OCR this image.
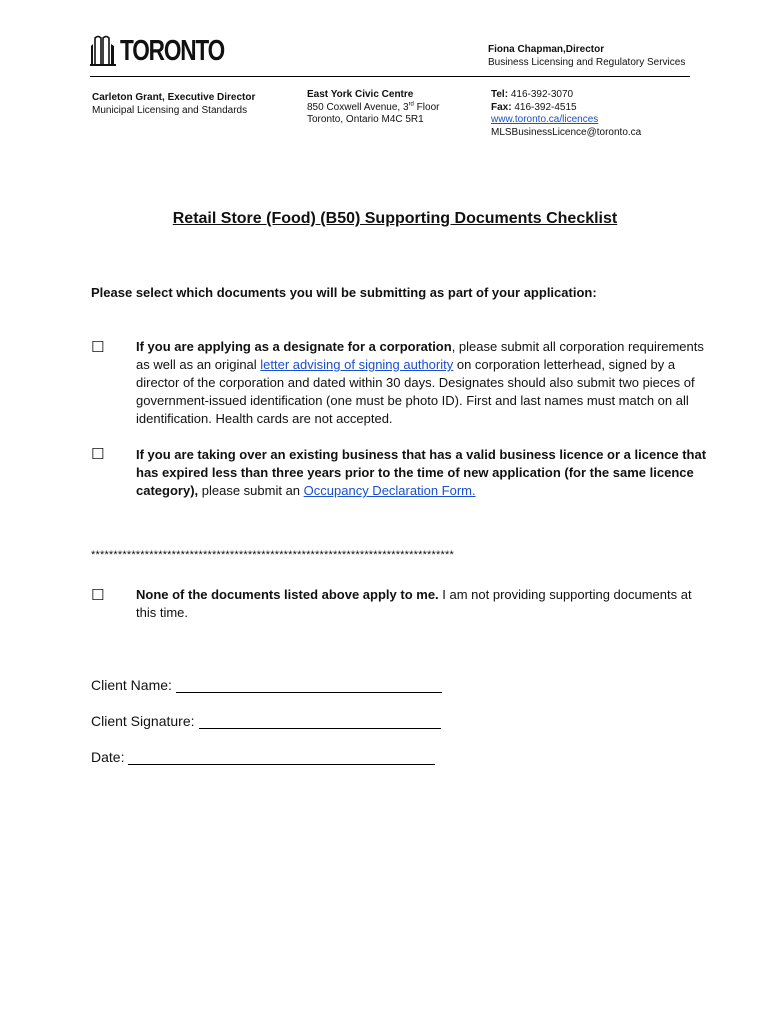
TORONTO	Fiona Chapman,Director
Business Licensing and Regulatory Services
Carleton Grant, Executive Director
Municipal Licensing and Standards
East York Civic Centre
850 Coxwell Avenue, 3rd Floor
Toronto, Ontario M4C 5R1
Tel: 416-392-3070
Fax: 416-392-4515
www.toronto.ca/licences
MLSBusinessLicence@toronto.ca
Retail Store (Food) (B50) Supporting Documents Checklist
Please select which documents you will be submitting as part of your application:
☐ If you are applying as a designate for a corporation, please submit all corporation requirements as well as an original letter advising of signing authority on corporation letterhead, signed by a director of the corporation and dated within 30 days. Designates should also submit two pieces of government-issued identification (one must be photo ID). First and last names must match on all identification. Health cards are not accepted.
☐ If you are taking over an existing business that has a valid business licence or a licence that has expired less than three years prior to the time of new application (for the same licence category), please submit an Occupancy Declaration Form.
*********************************************************************************
☐ None of the documents listed above apply to me. I am not providing supporting documents at this time.
Client Name:
Client Signature:
Date:
